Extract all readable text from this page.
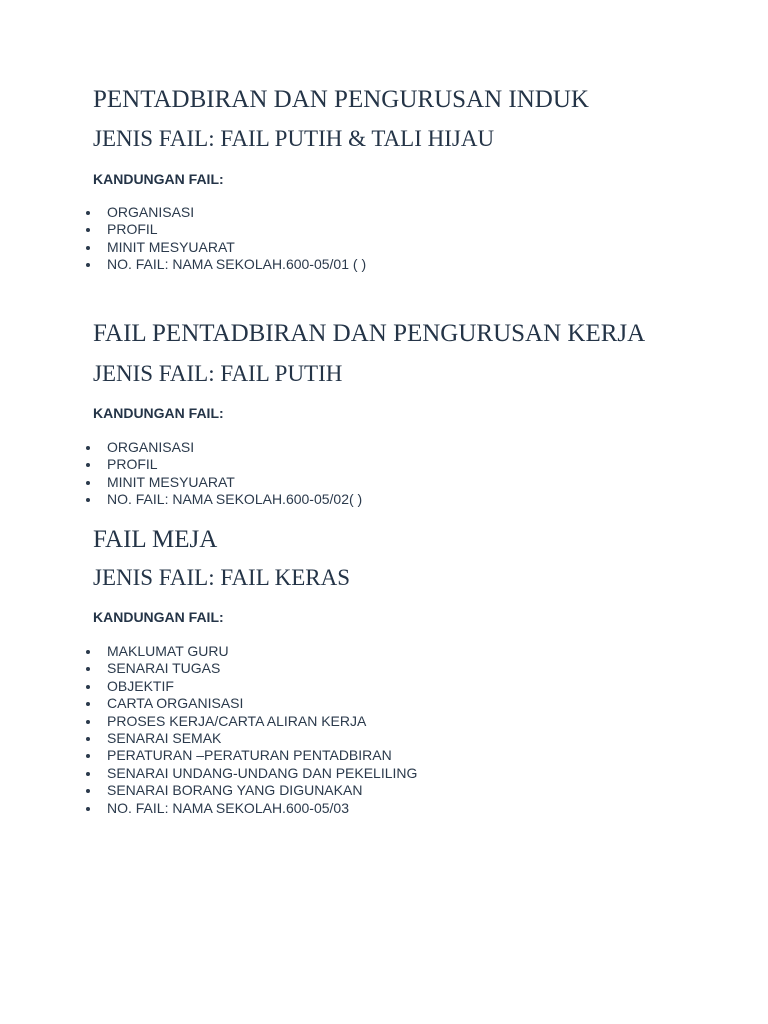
PENTADBIRAN DAN PENGURUSAN INDUK
JENIS FAIL: FAIL PUTIH & TALI HIJAU
KANDUNGAN FAIL:
ORGANISASI
PROFIL
MINIT MESYUARAT
NO. FAIL: NAMA SEKOLAH.600-05/01 ( )
FAIL PENTADBIRAN DAN PENGURUSAN KERJA
JENIS FAIL: FAIL PUTIH
KANDUNGAN FAIL:
ORGANISASI
PROFIL
MINIT MESYUARAT
NO. FAIL: NAMA SEKOLAH.600-05/02( )
FAIL MEJA
JENIS FAIL: FAIL KERAS
KANDUNGAN FAIL:
MAKLUMAT GURU
SENARAI TUGAS
OBJEKTIF
CARTA ORGANISASI
PROSES KERJA/CARTA ALIRAN KERJA
SENARAI SEMAK
PERATURAN –PERATURAN PENTADBIRAN
SENARAI UNDANG-UNDANG DAN PEKELILING
SENARAI BORANG YANG DIGUNAKAN
NO. FAIL: NAMA SEKOLAH.600-05/03
